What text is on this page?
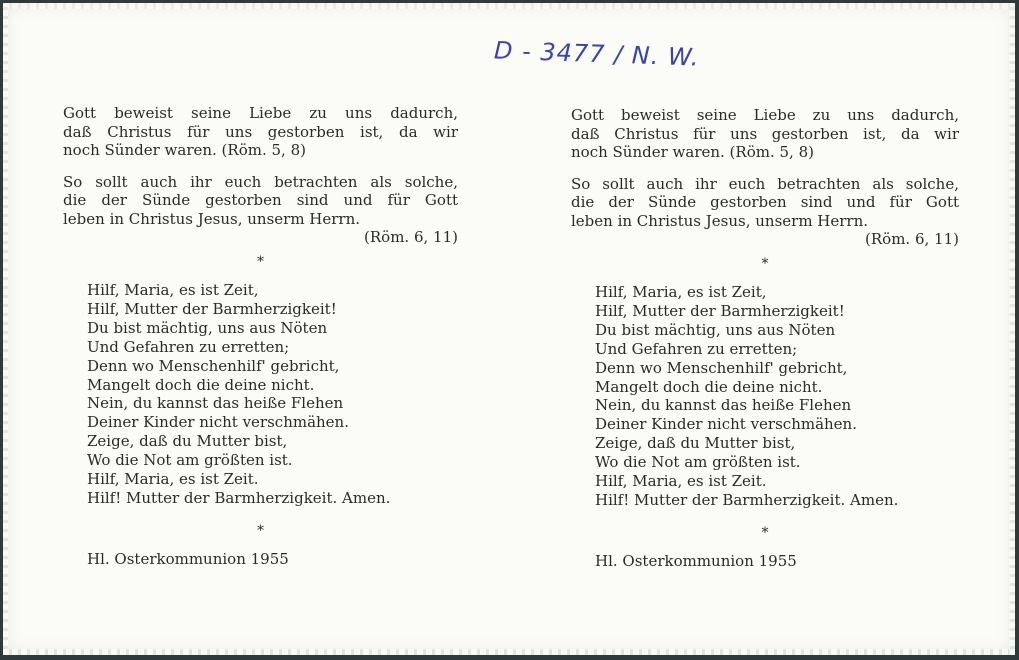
D - 3477 / N. W.

Gott beweist seine Liebe zu uns dadurch,

daß Christus für uns gestorben ist, da wir

noch Sünder waren. (Röm. 5, 8)

So sollt auch ihr euch betrachten als solche,

die der Sünde gestorben sind und für Gott

leben in Christus Jesus, unserm Herrn.

(Röm. 6, 11)

*

Hilf, Maria, es ist Zeit,
Hilf, Mutter der Barmherzigkeit!
Du bist mächtig, uns aus Nöten
Und Gefahren zu erretten;
Denn wo Menschenhilf' gebricht,
Mangelt doch die deine nicht.
Nein, du kannst das heiße Flehen
Deiner Kinder nicht verschmähen.
Zeige, daß du Mutter bist,
Wo die Not am größten ist.
Hilf, Maria, es ist Zeit.
Hilf! Mutter der Barmherzigkeit. Amen.

*

Hl. Osterkommunion 1955

Gott beweist seine Liebe zu uns dadurch,

daß Christus für uns gestorben ist, da wir

noch Sünder waren. (Röm. 5, 8)

So sollt auch ihr euch betrachten als solche,

die der Sünde gestorben sind und für Gott

leben in Christus Jesus, unserm Herrn.

(Röm. 6, 11)

*

Hilf, Maria, es ist Zeit,
Hilf, Mutter der Barmherzigkeit!
Du bist mächtig, uns aus Nöten
Und Gefahren zu erretten;
Denn wo Menschenhilf' gebricht,
Mangelt doch die deine nicht.
Nein, du kannst das heiße Flehen
Deiner Kinder nicht verschmähen.
Zeige, daß du Mutter bist,
Wo die Not am größten ist.
Hilf, Maria, es ist Zeit.
Hilf! Mutter der Barmherzigkeit. Amen.

*

Hl. Osterkommunion 1955
